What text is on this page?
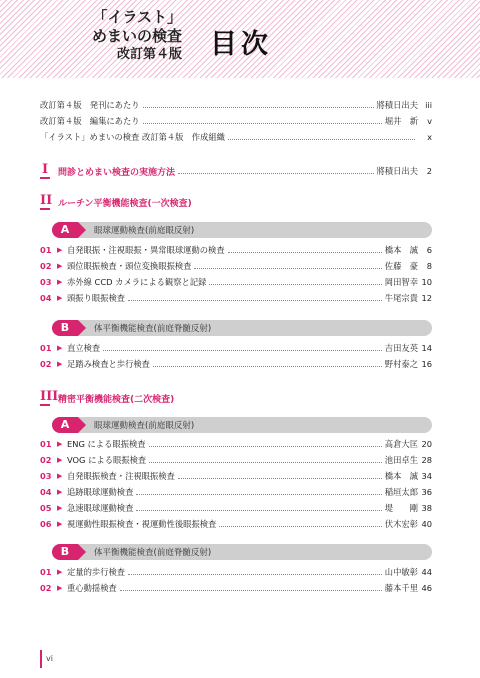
「イラスト」
めまいの検査
改訂第４版 目次
改訂第４版　発刊にあたり	將積日出夫 iii
改訂第４版　編集にあたり	堀井　新	v
「イラスト」めまいの検査 改訂第４版　作成組織	x
I 問診とめまい検査の実施方法	將積日出夫	2
II ルーチン平衡機能検査(一次検査)
A	眼球運動検査(前庭眼反射)
01 ▶ 自発眼振・注視眼振・異常眼球運動の検査	橋本　誠	6
02 ▶ 頭位眼振検査・頭位変換眼振検査	佐藤　豪	8
03 ▶ 赤外線 CCD カメラによる観察と記録	岡田智幸 10
04 ▶ 頭振り眼振検査	牛尾宗貴 12
B	体平衡機能検査(前庭脊髄反射)
01 ▶ 直立検査	吉田友英 14
02 ▶ 足踏み検査と歩行検査	野村泰之 16
III 精密平衡機能検査(二次検査)
A	眼球運動検査(前庭眼反射)
01 ▶ ENG による眼振検査	高倉大匡 20
02 ▶ VOG による眼振検査	池田卓生 28
03 ▶ 自発眼振検査・注視眼振検査	橋本　誠 34
04 ▶ 追跡眼球運動検査	稲垣太郎 36
05 ▶ 急速眼球運動検査	堤　　剛 38
06 ▶ 視運動性眼振検査・視運動性後眼振検査	伏木宏彰 40
B	体平衡機能検査(前庭脊髄反射)
01 ▶ 定量的歩行検査	山中敏彰 44
02 ▶ 重心動揺検査	藤本千里 46
vi
